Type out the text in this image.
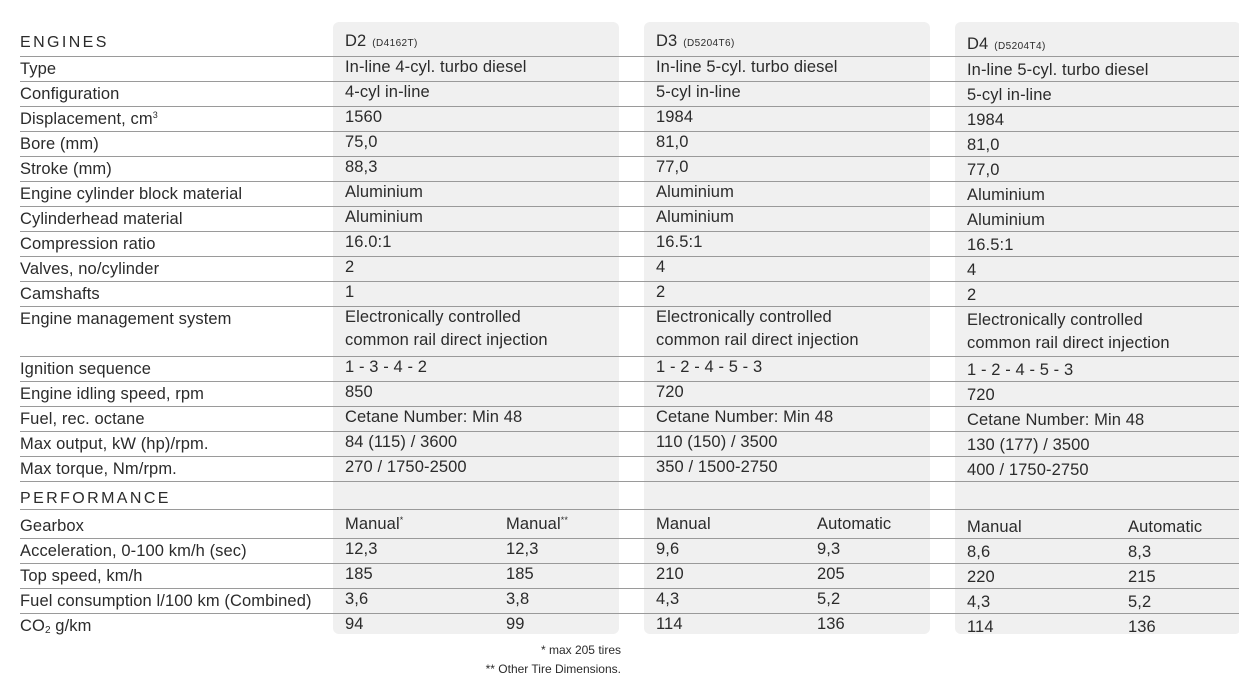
ENGINES	D2 (D4162T)	D3 (D5204T6)	D4 (D5204T4)
Type	In-line 4-cyl. turbo diesel	In-line 5-cyl. turbo diesel	In-line 5-cyl. turbo diesel
Configuration	4-cyl in-line	5-cyl in-line	5-cyl in-line
Displacement, $cm^3$	1560	1984	1984
Bore (mm)	75,0	81,0	81,0
Stroke (mm)	88,3	77,0	77,0
Engine cylinder block material	Aluminium	Aluminium	Aluminium
Cylinderhead material	Aluminium	Aluminium	Aluminium
Compression ratio	16.0:1	16.5:1	16.5:1
Valves, no/cylinder	2	4	4
Camshafts	1	2	2
Engine management system	Electronically controlled	Electronically controlled	Electronically controlled
common rail direct injection	common rail direct injection	common rail direct injection
Ignition sequence	1 - 3 - 4 - 2	1 - 2 - 4 - 5 - 3	1 - 2 - 4 - 5 - 3
Engine idling speed, rpm	850	720	720
Fuel, rec. octane	Cetane Number: Min 48	Cetane Number: Min 48	Cetane Number: Min 48
Max output, kW (hp)/rpm.	84 (115) / 3600	110 (150) / 3500	130 (177) / 3500
Max torque, Nm/rpm.	270 / 1750-2500	350 / 1500-2750	400 / 1750-2750
PERFORMANCE
Gearbox	Manual*	Manual**	Manual	Automatic	Manual	Automatic
Acceleration, 0-100 km/h (sec)	12,3	12,3	9,6	9,3	8,6	8,3
Top speed, km/h	185	185	210	205	220	215
Fuel consumption l/100 km (Combined) 3,6	3,8	4,3	5,2	4,3	5,2
$CO_2$ g/km	94	99	114	136	114	136
* max 205 tires
** Other Tire Dimensions.
